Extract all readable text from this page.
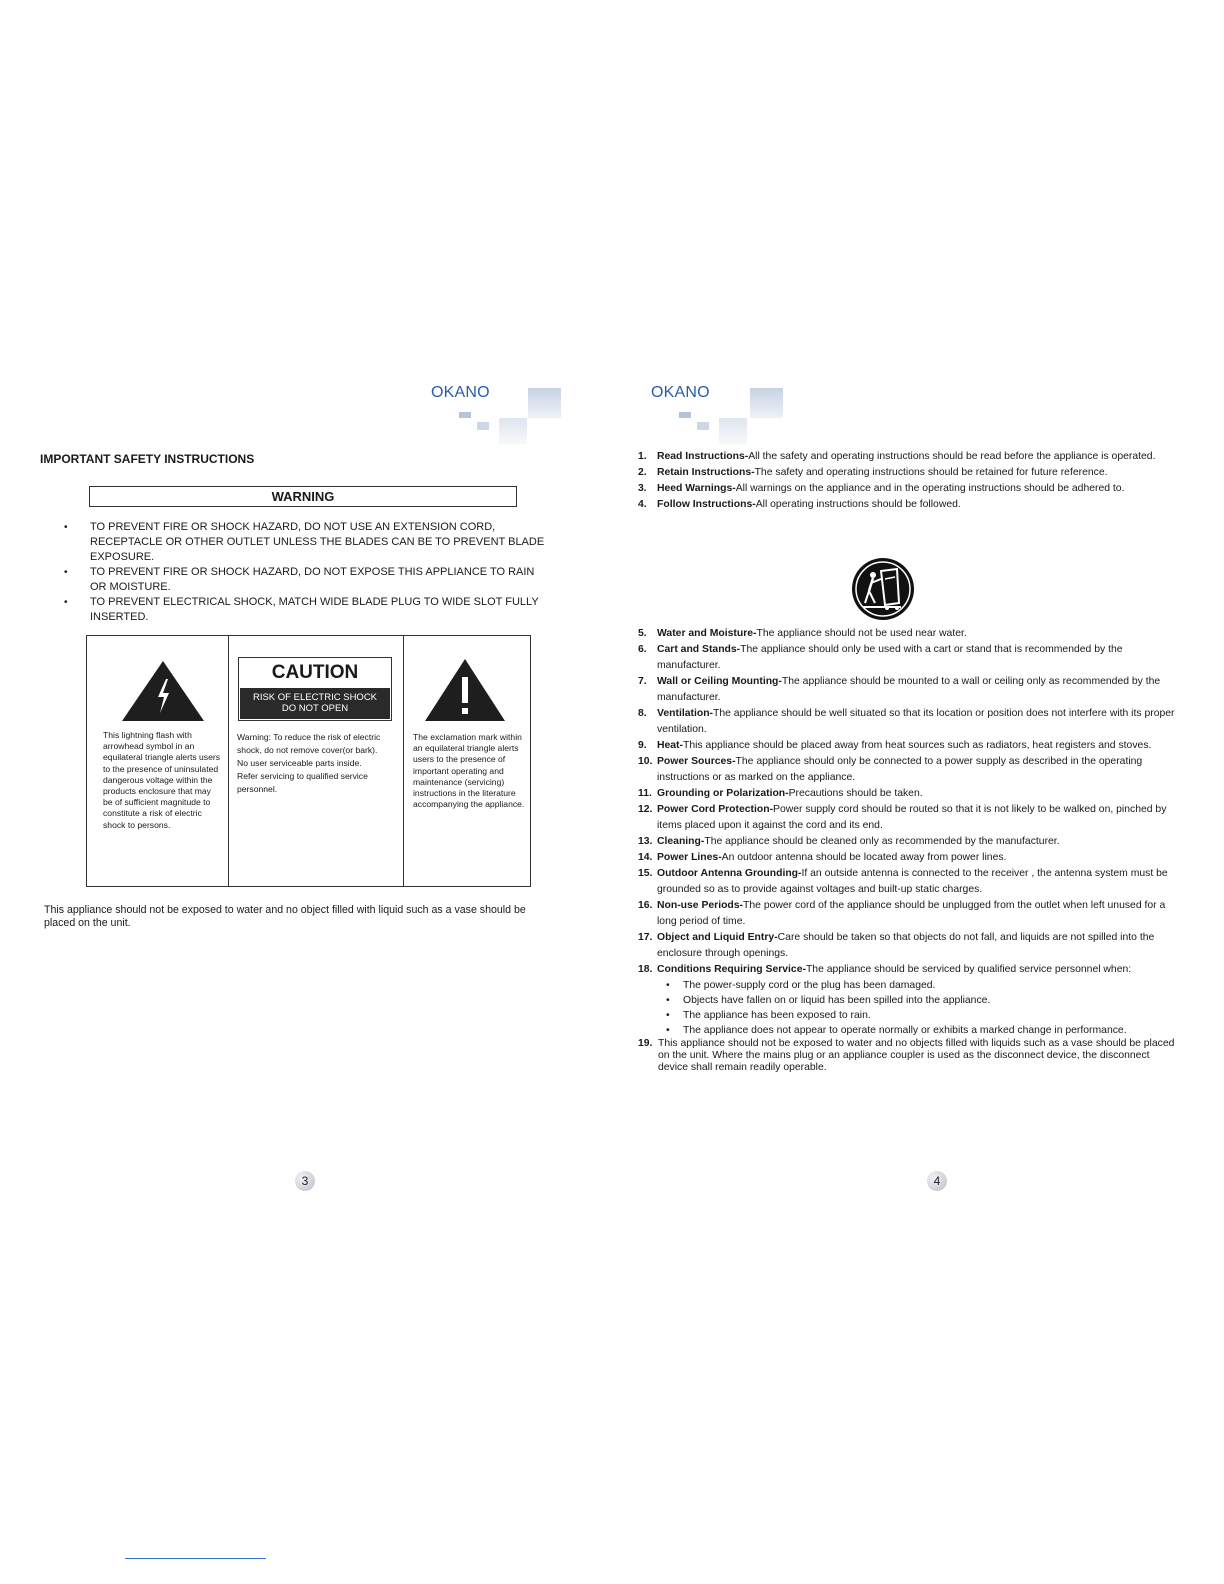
OKANO
IMPORTANT SAFETY INSTRUCTIONS
WARNING
• TO PREVENT FIRE OR SHOCK HAZARD, DO NOT USE AN EXTENSION CORD, RECEPTACLE OR OTHER OUTLET UNLESS THE BLADES CAN BE TO PREVENT BLADE EXPOSURE.
• TO PREVENT FIRE OR SHOCK HAZARD, DO NOT EXPOSE THIS APPLIANCE TO RAIN OR MOISTURE.
• TO PREVENT ELECTRICAL SHOCK, MATCH WIDE BLADE PLUG TO WIDE SLOT FULLY INSERTED.
This lightning flash with arrowhead symbol in an equilateral triangle alerts users to the presence of uninsulated dangerous voltage within the products enclosure that may be of sufficient magnitude to constitute a risk of electric shock to persons.
CAUTION
RISK OF ELECTRIC SHOCK
DO NOT OPEN
Warning: To reduce the risk of electric shock, do not remove cover(or bark). No user serviceable parts inside. Refer servicing to qualified service personnel.
The exclamation mark within an equilateral triangle alerts users to the presence of important operating and maintenance (servicing) instructions in the literature accompanying the appliance.
This appliance should not be exposed to water and no object filled with liquid such as a vase should be placed on the unit.
3
OKANO
1. Read Instructions-All the safety and operating instructions should be read before the appliance is operated.
2. Retain Instructions-The safety and operating instructions should be retained for future reference.
3. Heed Warnings-All warnings on the appliance and in the operating instructions should be adhered to.
4. Follow Instructions-All operating instructions should be followed.
5. Water and Moisture-The appliance should not be used near water.
6. Cart and Stands-The appliance should only be used with a cart or stand that is recommended by the manufacturer.
7. Wall or Ceiling Mounting-The appliance should be mounted to a wall or ceiling only as recommended by the manufacturer.
8. Ventilation-The appliance should be well situated so that its location or position does not interfere with its proper ventilation.
9. Heat-This appliance should be placed away from heat sources such as radiators, heat registers and stoves.
10. Power Sources-The appliance should only be connected to a power supply as described in the operating instructions or as marked on the appliance.
11. Grounding or Polarization-Precautions should be taken.
12. Power Cord Protection-Power supply cord should be routed so that it is not likely to be walked on, pinched by items placed upon it against the cord and its end.
13. Cleaning-The appliance should be cleaned only as recommended by the manufacturer.
14. Power Lines-An outdoor antenna should be located away from power lines.
15. Outdoor Antenna Grounding-If an outside antenna is connected to the receiver , the antenna system must be grounded so as to provide against voltages and built-up static charges.
16. Non-use Periods-The power cord of the appliance should be unplugged from the outlet when left unused for a long period of time.
17. Object and Liquid Entry-Care should be taken so that objects do not fall, and liquids are not spilled into the enclosure through openings.
18. Conditions Requiring Service-The appliance should be serviced by qualified service personnel when:
• The power-supply cord or the plug has been damaged.
• Objects have fallen on or liquid has been spilled into the appliance.
• The appliance has been exposed to rain.
• The appliance does not appear to operate normally or exhibits a marked change in performance.
19. This appliance should not be exposed to water and no objects filled with liquids such as a vase should be placed on the unit. Where the mains plug or an appliance coupler is used as the disconnect device, the disconnect device shall remain readily operable.
4
